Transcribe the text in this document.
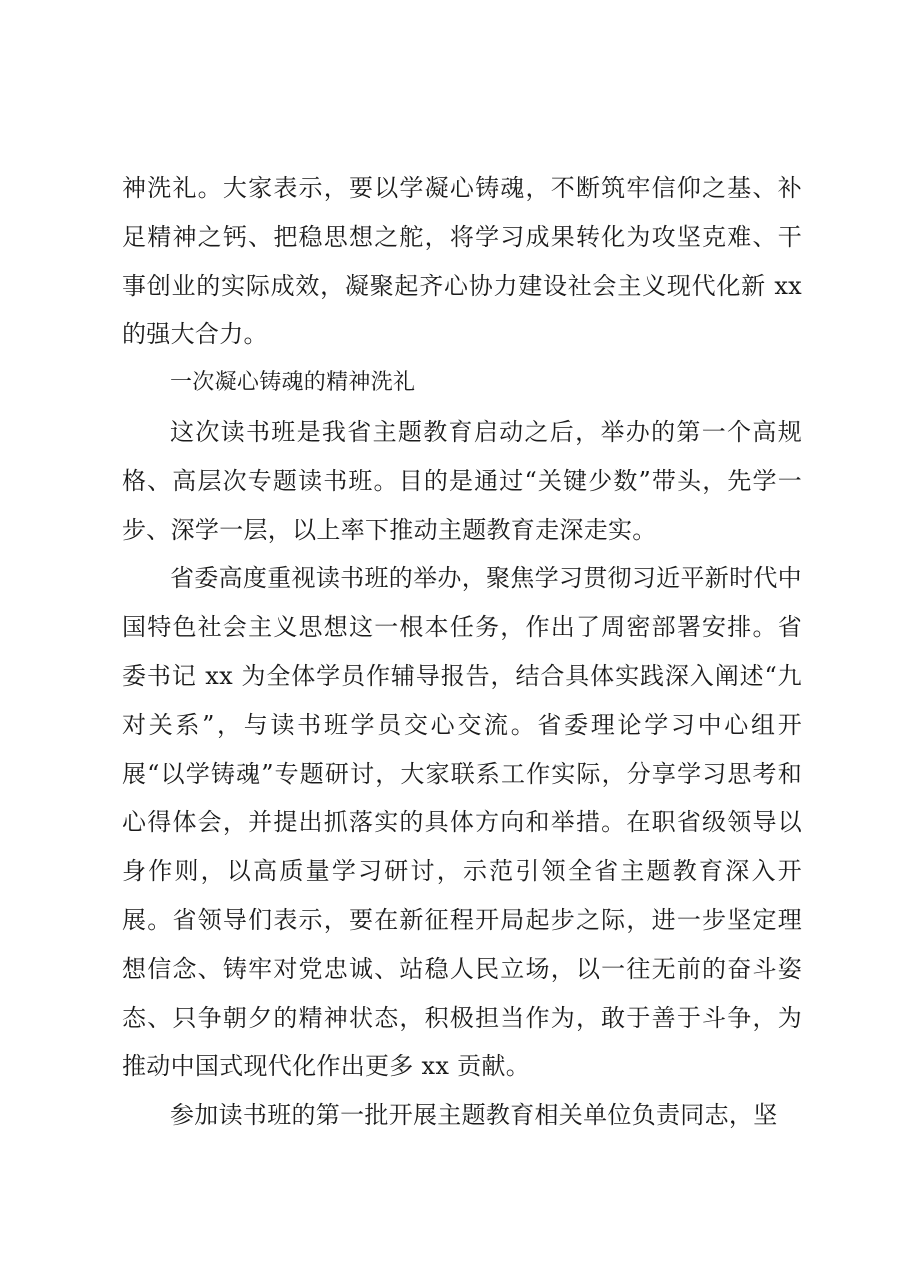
神洗礼。大家表示，要以学凝心铸魂，不断筑牢信仰之基、补足精神之钙、把稳思想之舵，将学习成果转化为攻坚克难、干事创业的实际成效，凝聚起齐心协力建设社会主义现代化新 xx 的强大合力。

一次凝心铸魂的精神洗礼

这次读书班是我省主题教育启动之后，举办的第一个高规格、高层次专题读书班。目的是通过“关键少数”带头，先学一步、深学一层，以上率下推动主题教育走深走实。

省委高度重视读书班的举办，聚焦学习贯彻习近平新时代中国特色社会主义思想这一根本任务，作出了周密部署安排。省委书记 xx 为全体学员作辅导报告，结合具体实践深入阐述“九对关系”，与读书班学员交心交流。省委理论学习中心组开展“以学铸魂”专题研讨，大家联系工作实际，分享学习思考和心得体会，并提出抓落实的具体方向和举措。在职省级领导以身作则，以高质量学习研讨，示范引领全省主题教育深入开展。省领导们表示，要在新征程开局起步之际，进一步坚定理想信念、铸牢对党忠诚、站稳人民立场，以一往无前的奋斗姿态、只争朝夕的精神状态，积极担当作为，敢于善于斗争，为推动中国式现代化作出更多 xx 贡献。

参加读书班的第一批开展主题教育相关单位负责同志，坚
